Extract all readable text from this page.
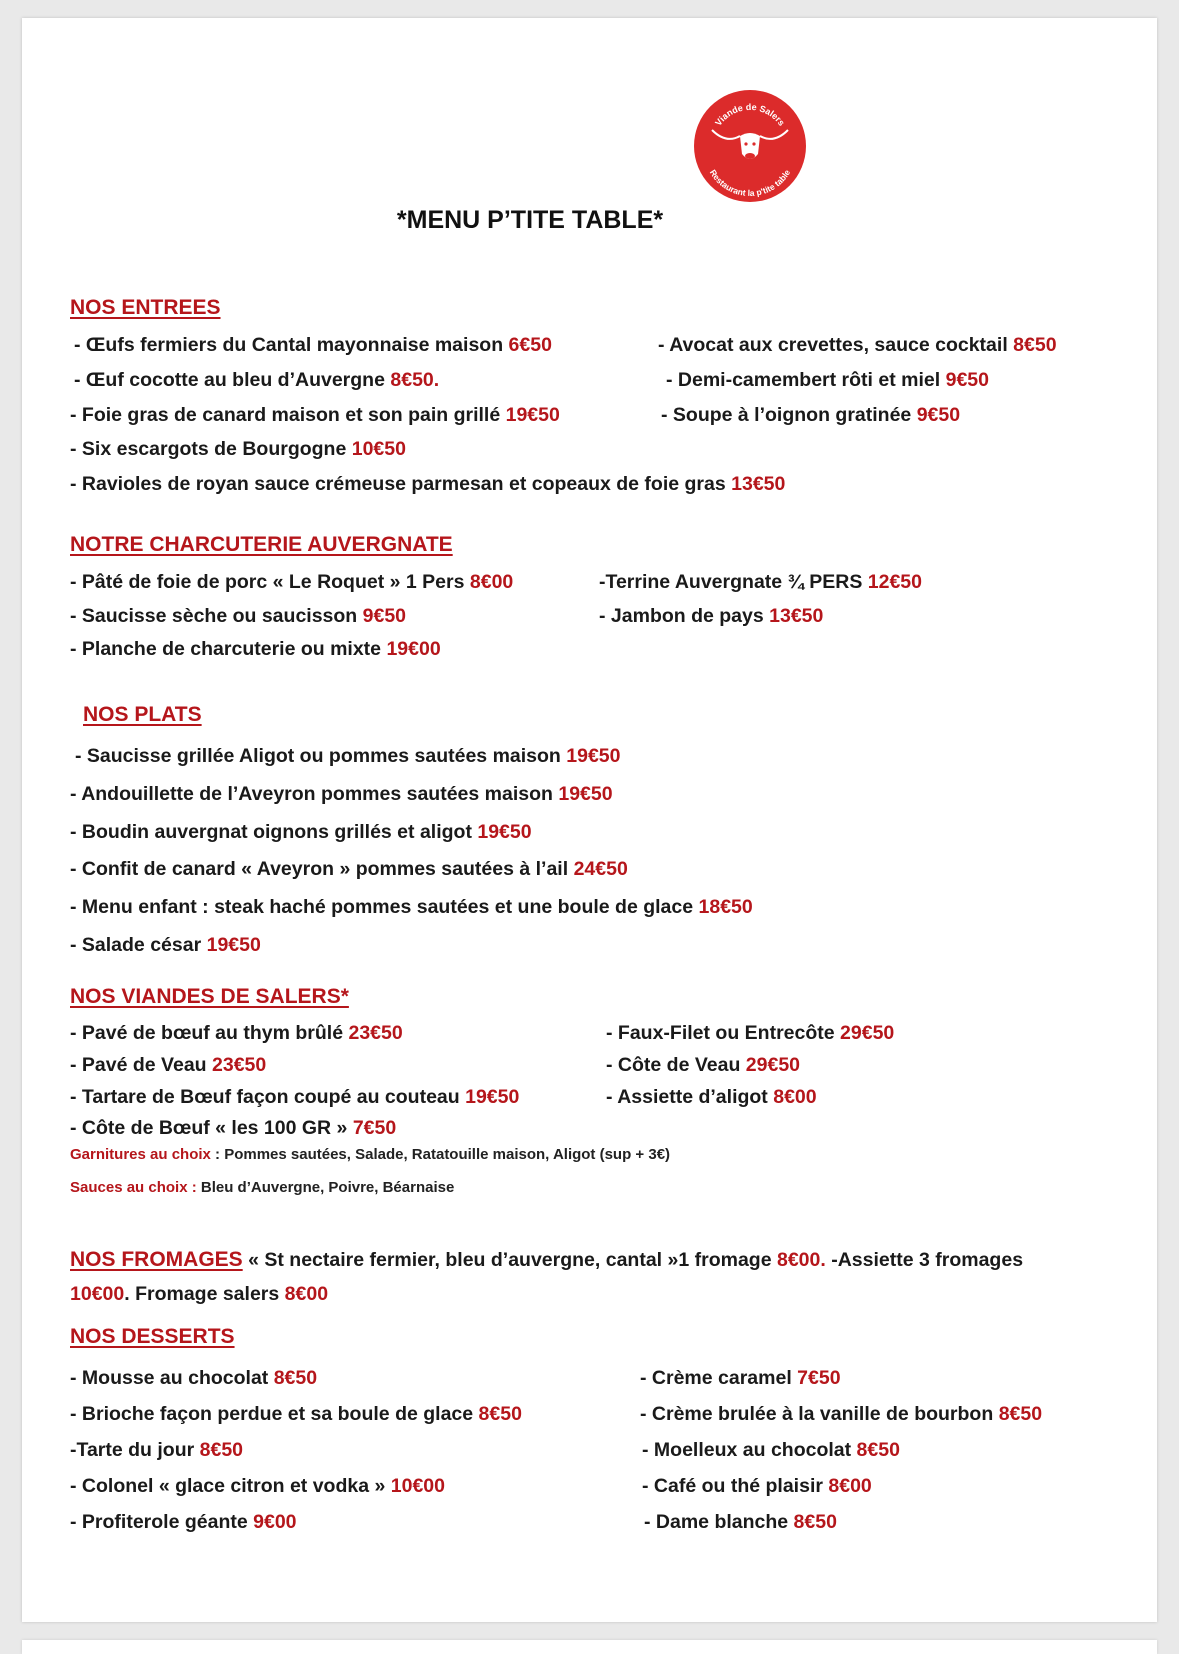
Viande de Salers
Restaurant la p'tite table
*MENU P’TITE TABLE*
NOS ENTREES
- Œufs fermiers du Cantal mayonnaise maison 6€50
- Œuf cocotte au bleu d’Auvergne 8€50.
- Foie gras de canard maison et son pain grillé 19€50
- Six escargots de Bourgogne 10€50
- Ravioles de royan sauce crémeuse parmesan et copeaux de foie gras 13€50
- Avocat aux crevettes, sauce cocktail 8€50
- Demi-camembert rôti et miel 9€50
- Soupe à l’oignon gratinée 9€50
NOTRE CHARCUTERIE AUVERGNATE
- Pâté de foie de porc « Le Roquet » 1 Pers 8€00
- Saucisse sèche ou saucisson 9€50
- Planche de charcuterie ou mixte 19€00
-Terrine Auvergnate ¾ PERS 12€50
- Jambon de pays 13€50
NOS PLATS
- Saucisse grillée Aligot ou pommes sautées maison 19€50
- Andouillette de l’Aveyron pommes sautées maison 19€50
- Boudin auvergnat oignons grillés et aligot 19€50
- Confit de canard « Aveyron » pommes sautées à l’ail 24€50
- Menu enfant : steak haché pommes sautées et une boule de glace 18€50
- Salade césar 19€50
NOS VIANDES DE SALERS*
- Pavé de bœuf au thym brûlé 23€50
- Pavé de Veau 23€50
- Tartare de Bœuf façon coupé au couteau 19€50
- Côte de Bœuf « les 100 GR » 7€50
- Faux-Filet ou Entrecôte 29€50
- Côte de Veau 29€50
- Assiette d’aligot 8€00
Garnitures au choix : Pommes sautées, Salade, Ratatouille maison, Aligot (sup + 3€)
Sauces au choix : Bleu d’Auvergne, Poivre, Béarnaise
NOS FROMAGES « St nectaire fermier, bleu d’auvergne, cantal »1 fromage 8€00. -Assiette 3 fromages
10€00. Fromage salers 8€00
NOS DESSERTS
- Mousse au chocolat 8€50
- Brioche façon perdue et sa boule de glace 8€50
-Tarte du jour 8€50
- Colonel « glace citron et vodka » 10€00
- Profiterole géante 9€00
- Crème caramel 7€50
- Crème brulée à la vanille de bourbon 8€50
- Moelleux au chocolat 8€50
- Café ou thé plaisir 8€00
- Dame blanche 8€50
